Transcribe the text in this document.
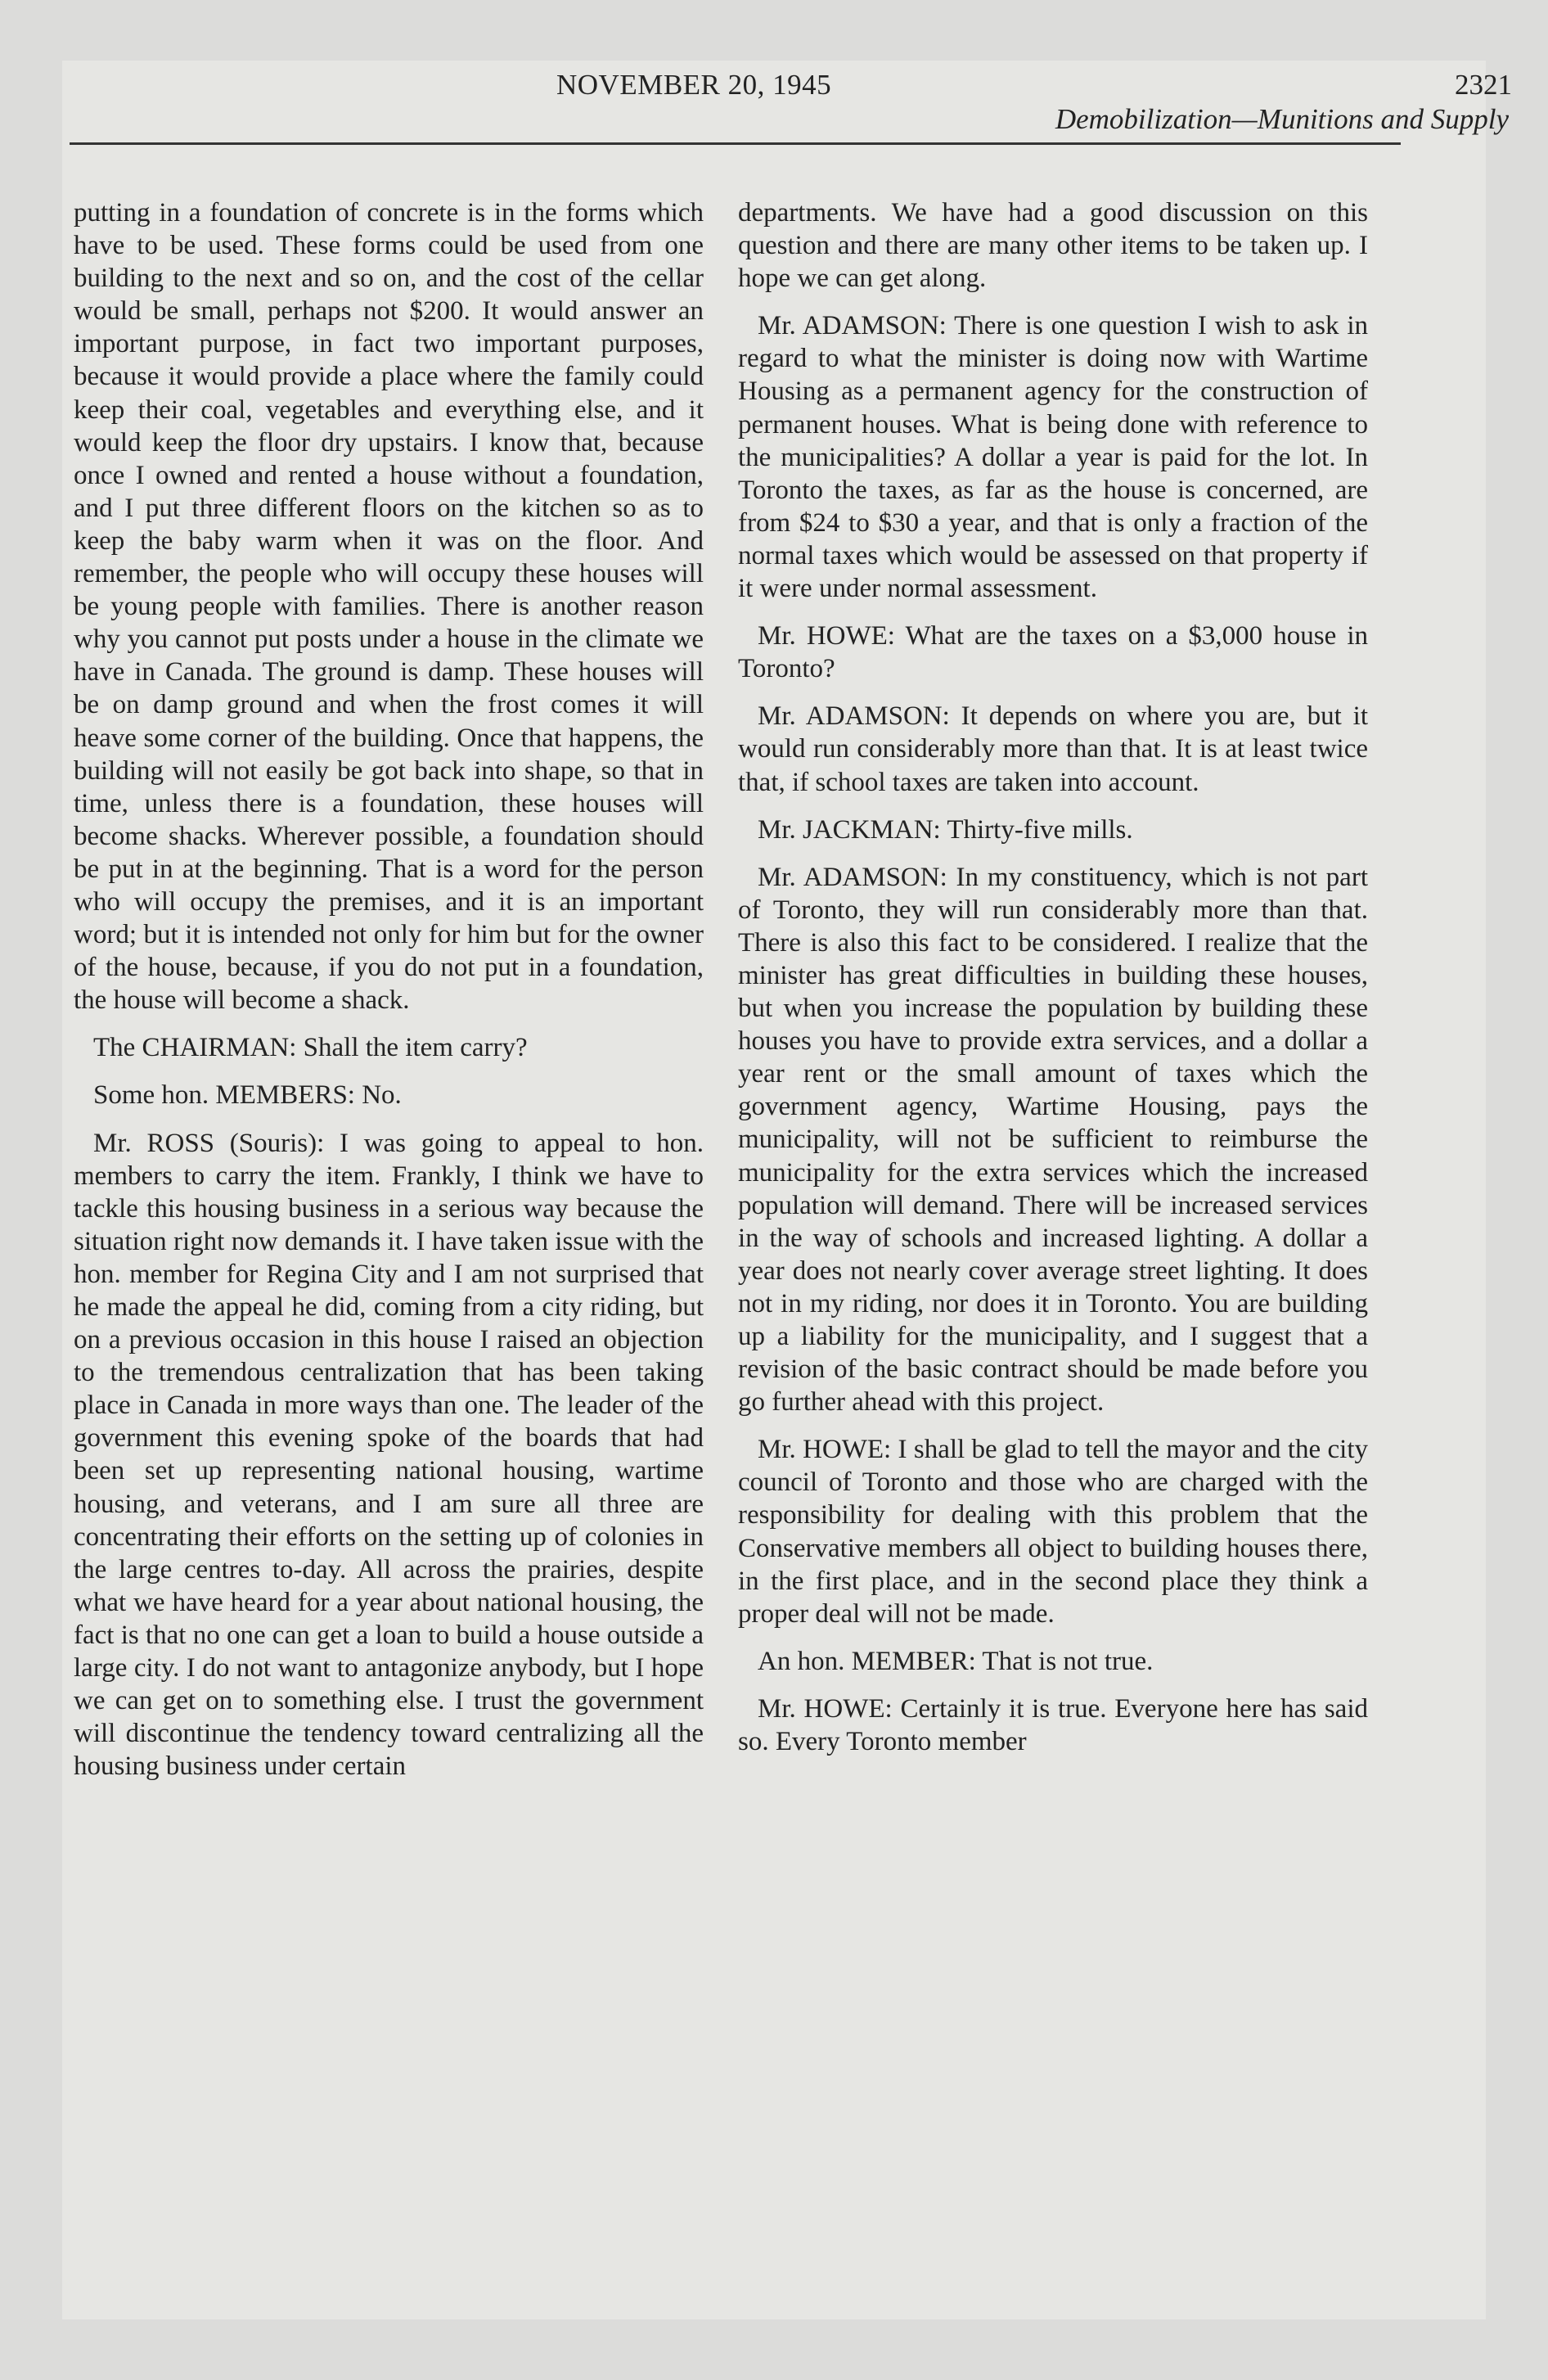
NOVEMBER 20, 1945	2321
Demobilization—Munitions and Supply

putting in a foundation of concrete is in the forms which have to be used. These forms could be used from one building to the next and so on, and the cost of the cellar would be small, perhaps not $200. It would answer an important purpose, in fact two important purposes, because it would provide a place where the family could keep their coal, vegetables and everything else, and it would keep the floor dry upstairs. I know that, because once I owned and rented a house without a foundation, and I put three different floors on the kitchen so as to keep the baby warm when it was on the floor. And remember, the people who will occupy these houses will be young people with families. There is another reason why you cannot put posts under a house in the climate we have in Canada. The ground is damp. These houses will be on damp ground and when the frost comes it will heave some corner of the building. Once that happens, the building will not easily be got back into shape, so that in time, unless there is a foundation, these houses will become shacks. Wherever possible, a foundation should be put in at the beginning. That is a word for the person who will occupy the premises, and it is an important word; but it is intended not only for him but for the owner of the house, because, if you do not put in a foundation, the house will become a shack.

The CHAIRMAN: Shall the item carry?

Some hon. MEMBERS: No.

Mr. ROSS (Souris): I was going to appeal to hon. members to carry the item. Frankly, I think we have to tackle this housing business in a serious way because the situation right now demands it. I have taken issue with the hon. member for Regina City and I am not surprised that he made the appeal he did, coming from a city riding, but on a previous occasion in this house I raised an objection to the tremendous centralization that has been taking place in Canada in more ways than one. The leader of the government this evening spoke of the boards that had been set up representing national housing, wartime housing, and veterans, and I am sure all three are concentrating their efforts on the setting up of colonies in the large centres to-day. All across the prairies, despite what we have heard for a year about national housing, the fact is that no one can get a loan to build a house outside a large city. I do not want to antagonize anybody, but I hope we can get on to something else. I trust the government will discontinue the tendency toward centralizing all the housing business under certain

departments. We have had a good discussion on this question and there are many other items to be taken up. I hope we can get along.

Mr. ADAMSON: There is one question I wish to ask in regard to what the minister is doing now with Wartime Housing as a permanent agency for the construction of permanent houses. What is being done with reference to the municipalities? A dollar a year is paid for the lot. In Toronto the taxes, as far as the house is concerned, are from $24 to $30 a year, and that is only a fraction of the normal taxes which would be assessed on that property if it were under normal assessment.

Mr. HOWE: What are the taxes on a $3,000 house in Toronto?

Mr. ADAMSON: It depends on where you are, but it would run considerably more than that. It is at least twice that, if school taxes are taken into account.

Mr. JACKMAN: Thirty-five mills.

Mr. ADAMSON: In my constituency, which is not part of Toronto, they will run considerably more than that. There is also this fact to be considered. I realize that the minister has great difficulties in building these houses, but when you increase the population by building these houses you have to provide extra services, and a dollar a year rent or the small amount of taxes which the government agency, Wartime Housing, pays the municipality, will not be sufficient to reimburse the municipality for the extra services which the increased population will demand. There will be increased services in the way of schools and increased lighting. A dollar a year does not nearly cover average street lighting. It does not in my riding, nor does it in Toronto. You are building up a liability for the municipality, and I suggest that a revision of the basic contract should be made before you go further ahead with this project.

Mr. HOWE: I shall be glad to tell the mayor and the city council of Toronto and those who are charged with the responsibility for dealing with this problem that the Conservative members all object to building houses there, in the first place, and in the second place they think a proper deal will not be made.

An hon. MEMBER: That is not true.

Mr. HOWE: Certainly it is true. Everyone here has said so. Every Toronto member
